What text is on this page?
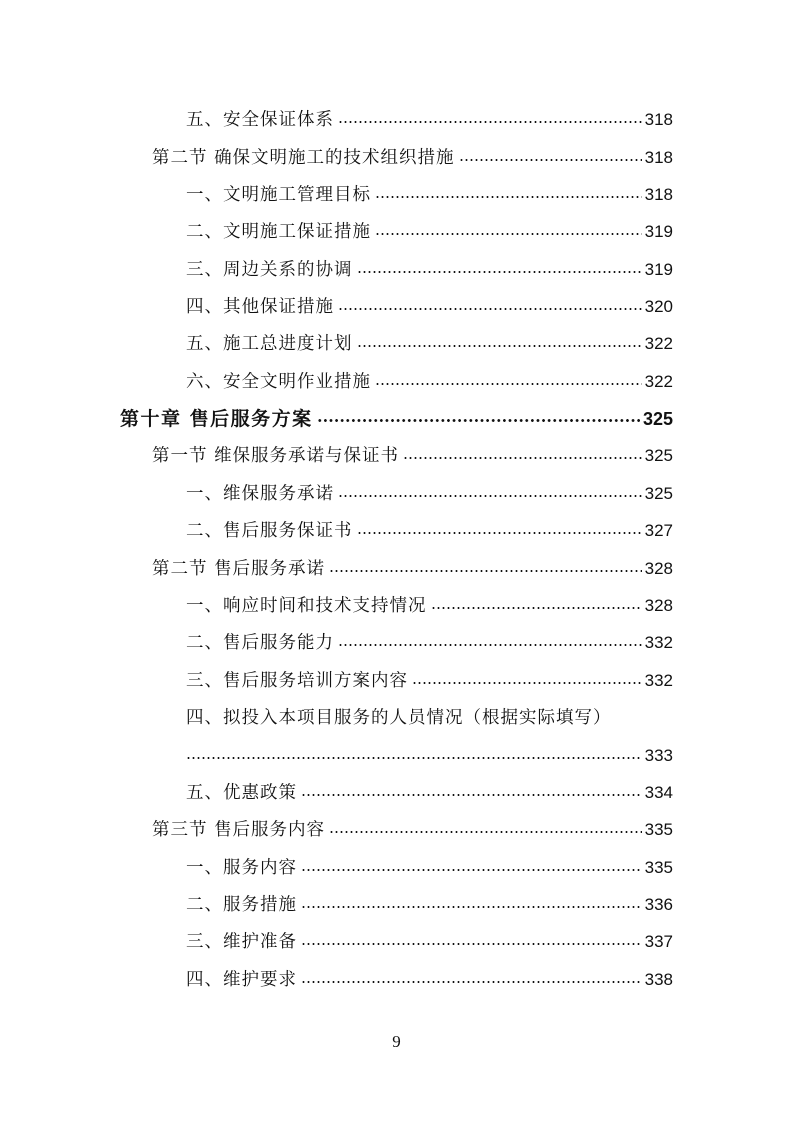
五、安全保证体系	318
第二节 确保文明施工的技术组织措施	318
一、文明施工管理目标	318
二、文明施工保证措施	319
三、周边关系的协调	319
四、其他保证措施	320
五、施工总进度计划	322
六、安全文明作业措施	322
第十章 售后服务方案	325
第一节 维保服务承诺与保证书	325
一、维保服务承诺	325
二、售后服务保证书	327
第二节 售后服务承诺	328
一、响应时间和技术支持情况	328
二、售后服务能力	332
三、售后服务培训方案内容	332
四、拟投入本项目服务的人员情况（根据实际填写）
333
五、优惠政策	334
第三节 售后服务内容	335
一、服务内容	335
二、服务措施	336
三、维护准备	337
四、维护要求	338
9
